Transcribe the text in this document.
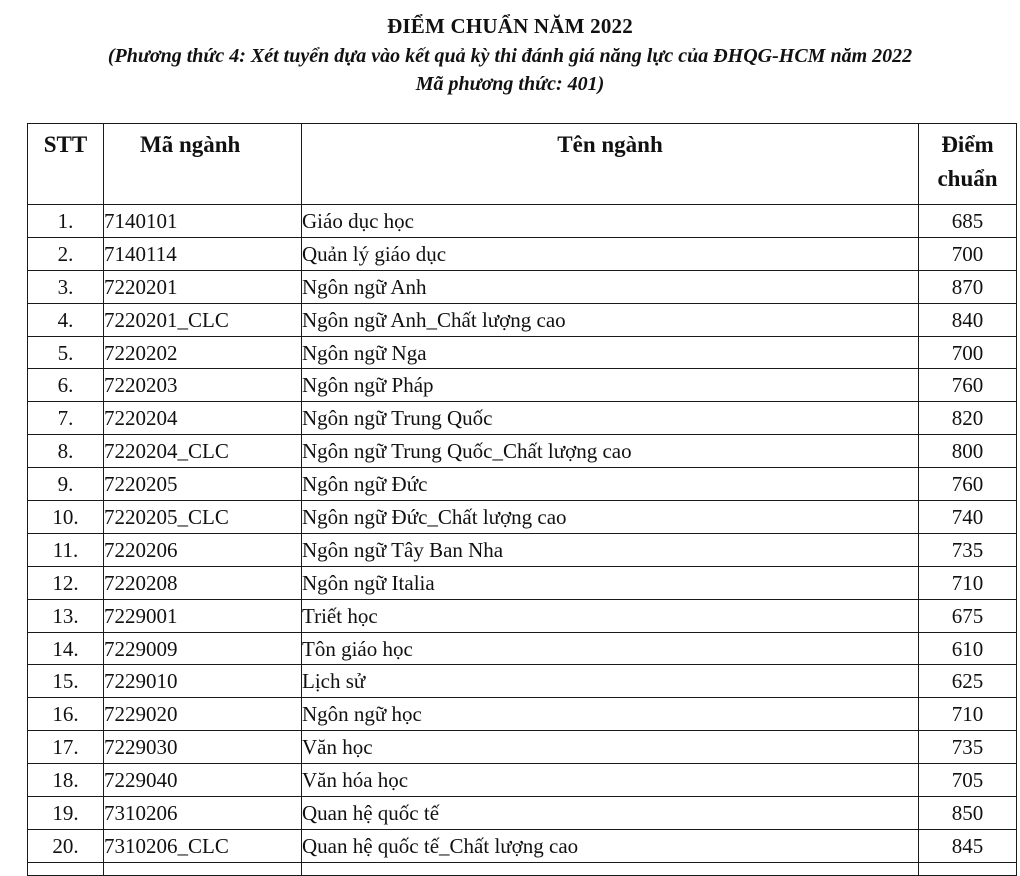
ĐIỂM CHUẨN NĂM 2022
(Phương thức 4: Xét tuyển dựa vào kết quả kỳ thi đánh giá năng lực của ĐHQG-HCM năm 2022
Mã phương thức: 401)
STT	Mã ngành	Tên ngành	Điểm
chuẩn
1.	7140101	Giáo dục học	685
2.	7140114	Quản lý giáo dục	700
3.	7220201	Ngôn ngữ Anh	870
4.	7220201_CLC	Ngôn ngữ Anh_Chất lượng cao	840
5.	7220202	Ngôn ngữ Nga	700
6.	7220203	Ngôn ngữ Pháp	760
7.	7220204	Ngôn ngữ Trung Quốc	820
8.	7220204_CLC	Ngôn ngữ Trung Quốc_Chất lượng cao	800
9.	7220205	Ngôn ngữ Đức	760
10.	7220205_CLC	Ngôn ngữ Đức_Chất lượng cao	740
11.	7220206	Ngôn ngữ Tây Ban Nha	735
12.	7220208	Ngôn ngữ Italia	710
13.	7229001	Triết học	675
14.	7229009	Tôn giáo học	610
15.	7229010	Lịch sử	625
16.	7229020	Ngôn ngữ học	710
17.	7229030	Văn học	735
18.	7229040	Văn hóa học	705
19.	7310206	Quan hệ quốc tế	850
20.	7310206_CLC	Quan hệ quốc tế_Chất lượng cao	845
